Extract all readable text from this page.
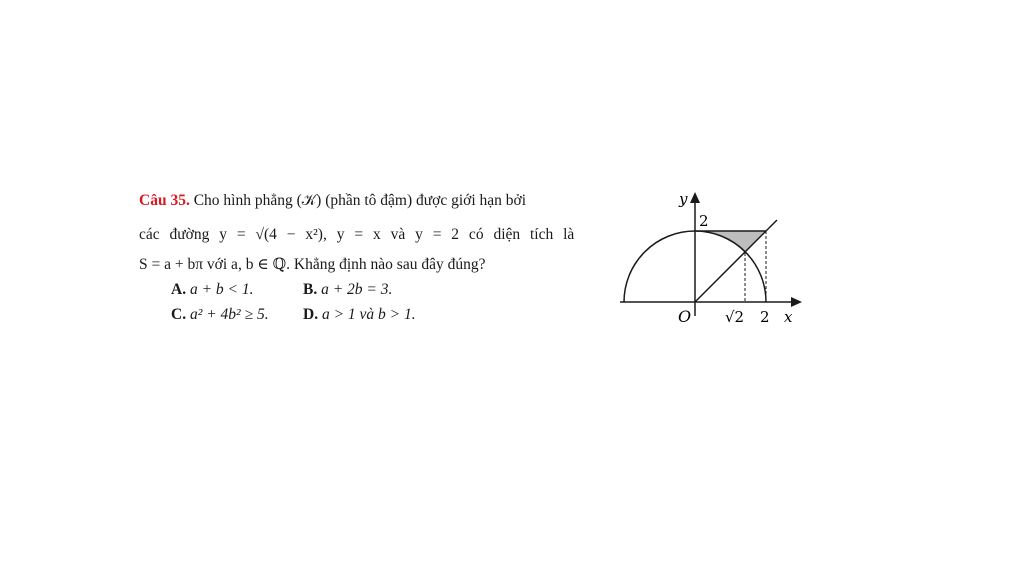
Câu 35. Cho hình phẳng (𝒦) (phần tô đậm) được giới hạn bởi
các đường y = √(4 − x²), y = x và y = 2 có diện tích là
S = a + bπ với a, b ∈ ℚ. Khẳng định nào sau đây đúng?
A. a + b < 1.	B. a + 2b = 3.
C. a² + 4b² ≥ 5. D. a > 1 và b > 1.
y
2
O √2 2 x
